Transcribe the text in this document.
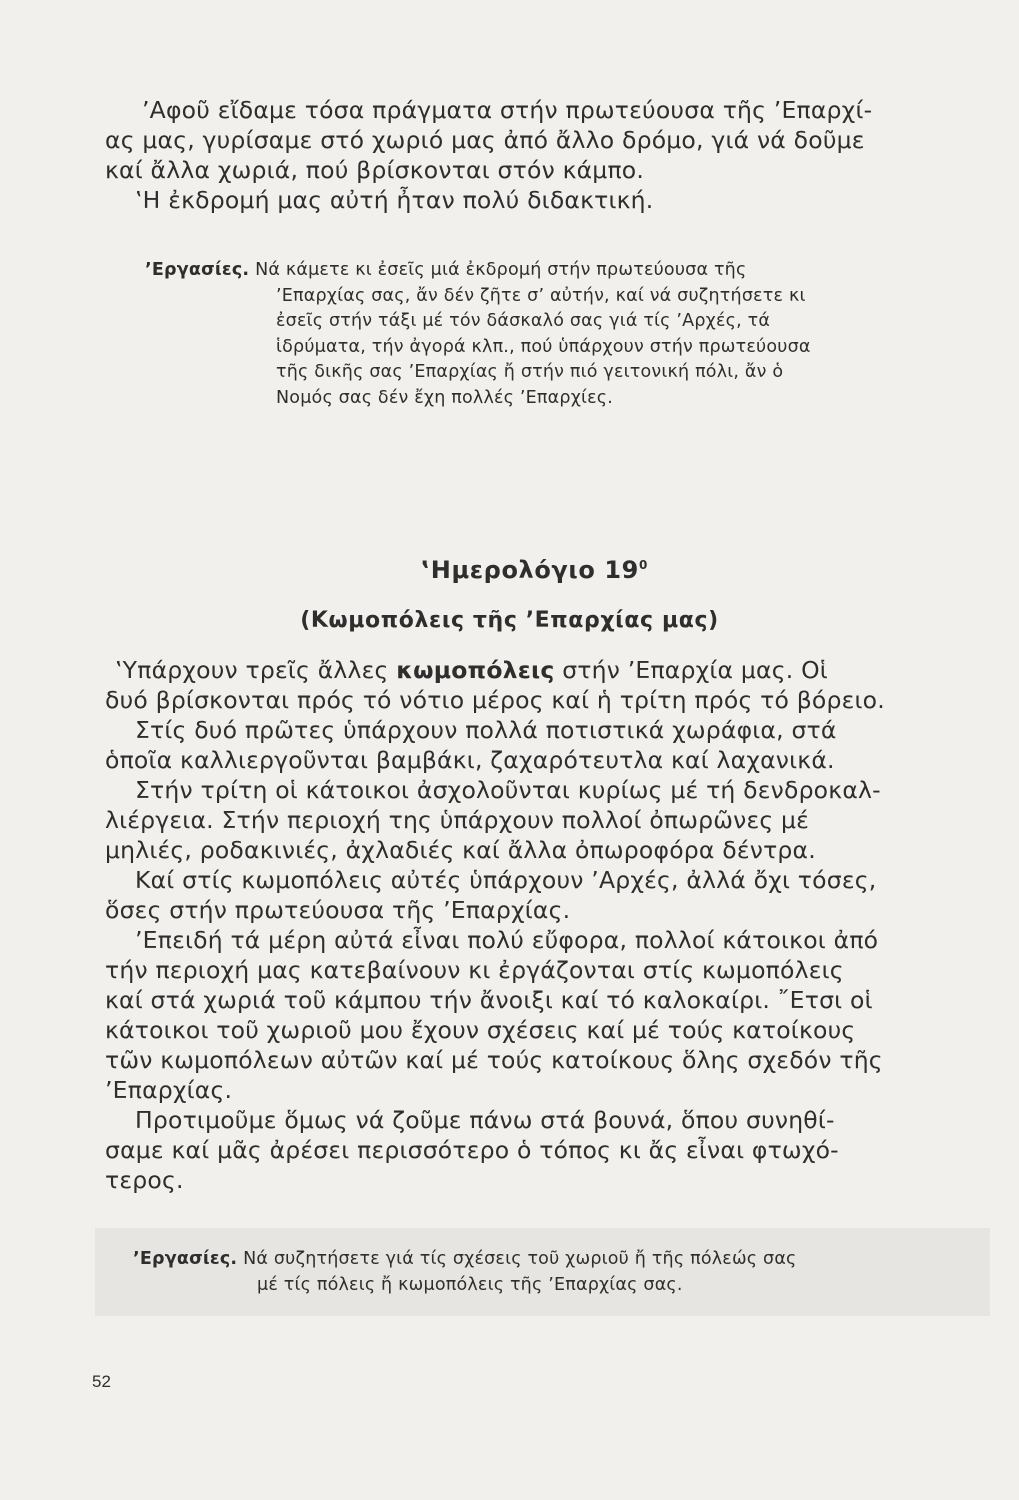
’Αφοῦ εἴδαμε τόσα πράγματα στήν πρωτεύουσα τῆς ’Επαρχί-
ας μας, γυρίσαμε στό χωριό μας ἀπό ἄλλο δρόμο, γιά νά δοῦμε
καί ἄλλα χωριά, πού βρίσκονται στόν κάμπο.
‛Η ἐκδρομή μας αὐτή ἦταν πολύ διδακτική.
’Εργασίες. Νά κάμετε κι ἐσεῖς μιά ἐκδρομή στήν πρωτεύουσα τῆς
’Επαρχίας σας, ἄν δέν ζῆτε σ’ αὐτήν, καί νά συζητήσετε κι
ἐσεῖς στήν τάξι μέ τόν δάσκαλό σας γιά τίς ’Αρχές, τά
ἱδρύματα, τήν ἀγορά κλπ., πού ὑπάρχουν στήν πρωτεύουσα
τῆς δικῆς σας ’Επαρχίας ἤ στήν πιό γειτονική πόλι, ἄν ὁ
Νομός σας δέν ἔχη πολλές ’Επαρχίες.
‛Ημερολόγιο $19^0$
(Κωμοπόλεις τῆς ’Επαρχίας μας)
‛Υπάρχουν τρεῖς ἄλλες κωμοπόλεις στήν ’Επαρχία μας. Οἱ
δυό βρίσκονται πρός τό νότιο μέρος καί ἡ τρίτη πρός τό βόρειο.
Στίς δυό πρῶτες ὑπάρχουν πολλά ποτιστικά χωράφια, στά
ὁποῖα καλλιεργοῦνται βαμβάκι, ζαχαρότευτλα καί λαχανικά.
Στήν τρίτη οἱ κάτοικοι ἀσχολοῦνται κυρίως μέ τή δενδροκαλ-
λιέργεια. Στήν περιοχή της ὑπάρχουν πολλοί ὀπωρῶνες μέ
μηλιές, ροδακινιές, ἀχλαδιές καί ἄλλα ὀπωροφόρα δέντρα.
Καί στίς κωμοπόλεις αὐτές ὑπάρχουν ’Αρχές, ἀλλά ὄχι τόσες,
ὅσες στήν πρωτεύουσα τῆς ’Επαρχίας.
’Επειδή τά μέρη αὐτά εἶναι πολύ εὔφορα, πολλοί κάτοικοι ἀπό
τήν περιοχή μας κατεβαίνουν κι ἐργάζονται στίς κωμοπόλεις
καί στά χωριά τοῦ κάμπου τήν ἄνοιξι καί τό καλοκαίρι. ῎Ετσι οἱ
κάτοικοι τοῦ χωριοῦ μου ἔχουν σχέσεις καί μέ τούς κατοίκους
τῶν κωμοπόλεων αὐτῶν καί μέ τούς κατοίκους ὅλης σχεδόν τῆς
’Επαρχίας.
Προτιμοῦμε ὅμως νά ζοῦμε πάνω στά βουνά, ὅπου συνηθί-
σαμε καί μᾶς ἀρέσει περισσότερο ὁ τόπος κι ἄς εἶναι φτωχό-
τερος.
’Εργασίες. Νά συζητήσετε γιά τίς σχέσεις τοῦ χωριοῦ ἤ τῆς πόλεώς σας
μέ τίς πόλεις ἤ κωμοπόλεις τῆς ’Επαρχίας σας.
52
